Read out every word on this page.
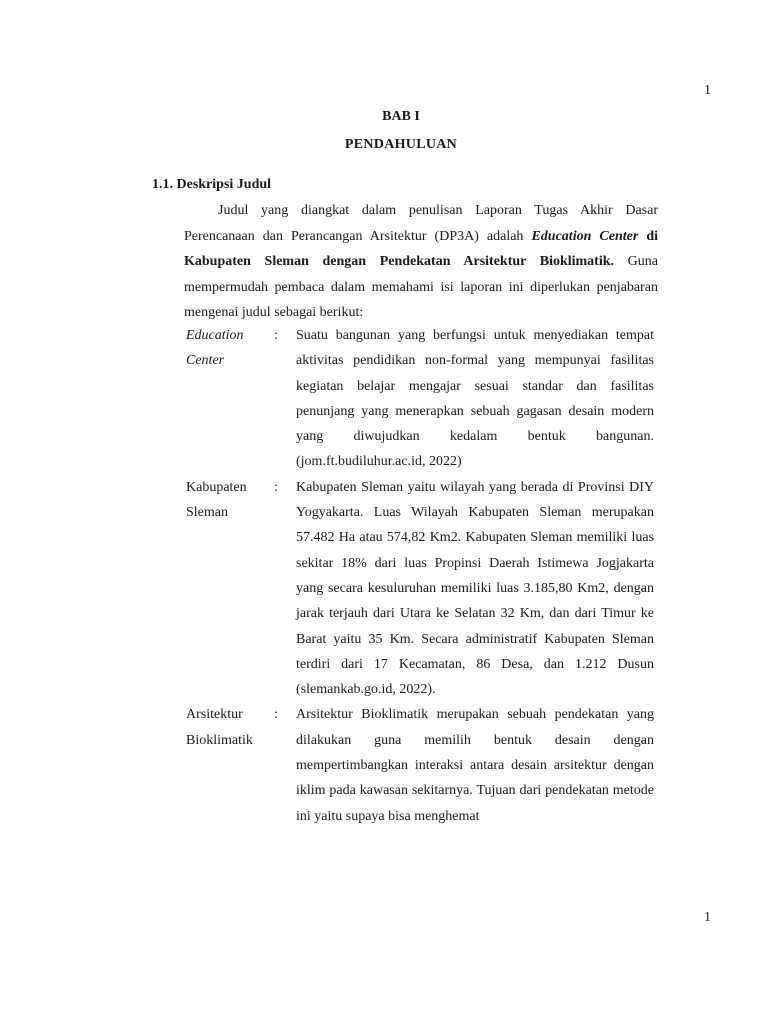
1
BAB I
PENDAHULUAN
1.1. Deskripsi Judul
Judul yang diangkat dalam penulisan Laporan Tugas Akhir Dasar Perencanaan dan Perancangan Arsitektur (DP3A) adalah Education Center di Kabupaten Sleman dengan Pendekatan Arsitektur Bioklimatik. Guna mempermudah pembaca dalam memahami isi laporan ini diperlukan penjabaran mengenai judul sebagai berikut:
Education
Center
:	Suatu bangunan yang berfungsi untuk menyediakan tempat aktivitas pendidikan non-formal yang mempunyai fasilitas kegiatan belajar mengajar sesuai standar dan fasilitas penunjang yang menerapkan sebuah gagasan desain modern yang diwujudkan kedalam bentuk bangunan. (jom.ft.budiluhur.ac.id, 2022)
Kabupaten
Sleman
:	Kabupaten Sleman yaitu wilayah yang berada di Provinsi DIY Yogyakarta. Luas Wilayah Kabupaten Sleman merupakan 57.482 Ha atau 574,82 Km2. Kabupaten Sleman memiliki luas sekitar 18% dari luas Propinsi Daerah Istimewa Jogjakarta yang secara kesuluruhan memiliki luas 3.185,80 Km2, dengan jarak terjauh dari Utara ke Selatan 32 Km, dan dari Timur ke Barat yaitu 35 Km. Secara administratif Kabupaten Sleman terdiri dari 17 Kecamatan, 86 Desa, dan 1.212 Dusun (slemankab.go.id, 2022).
Arsitektur
Bioklimatik
:	Arsitektur Bioklimatik merupakan sebuah pendekatan yang dilakukan guna memilih bentuk desain dengan mempertimbangkan interaksi antara desain arsitektur dengan iklim pada kawasan sekitarnya. Tujuan dari pendekatan metode ini yaitu supaya bisa menghemat
1
